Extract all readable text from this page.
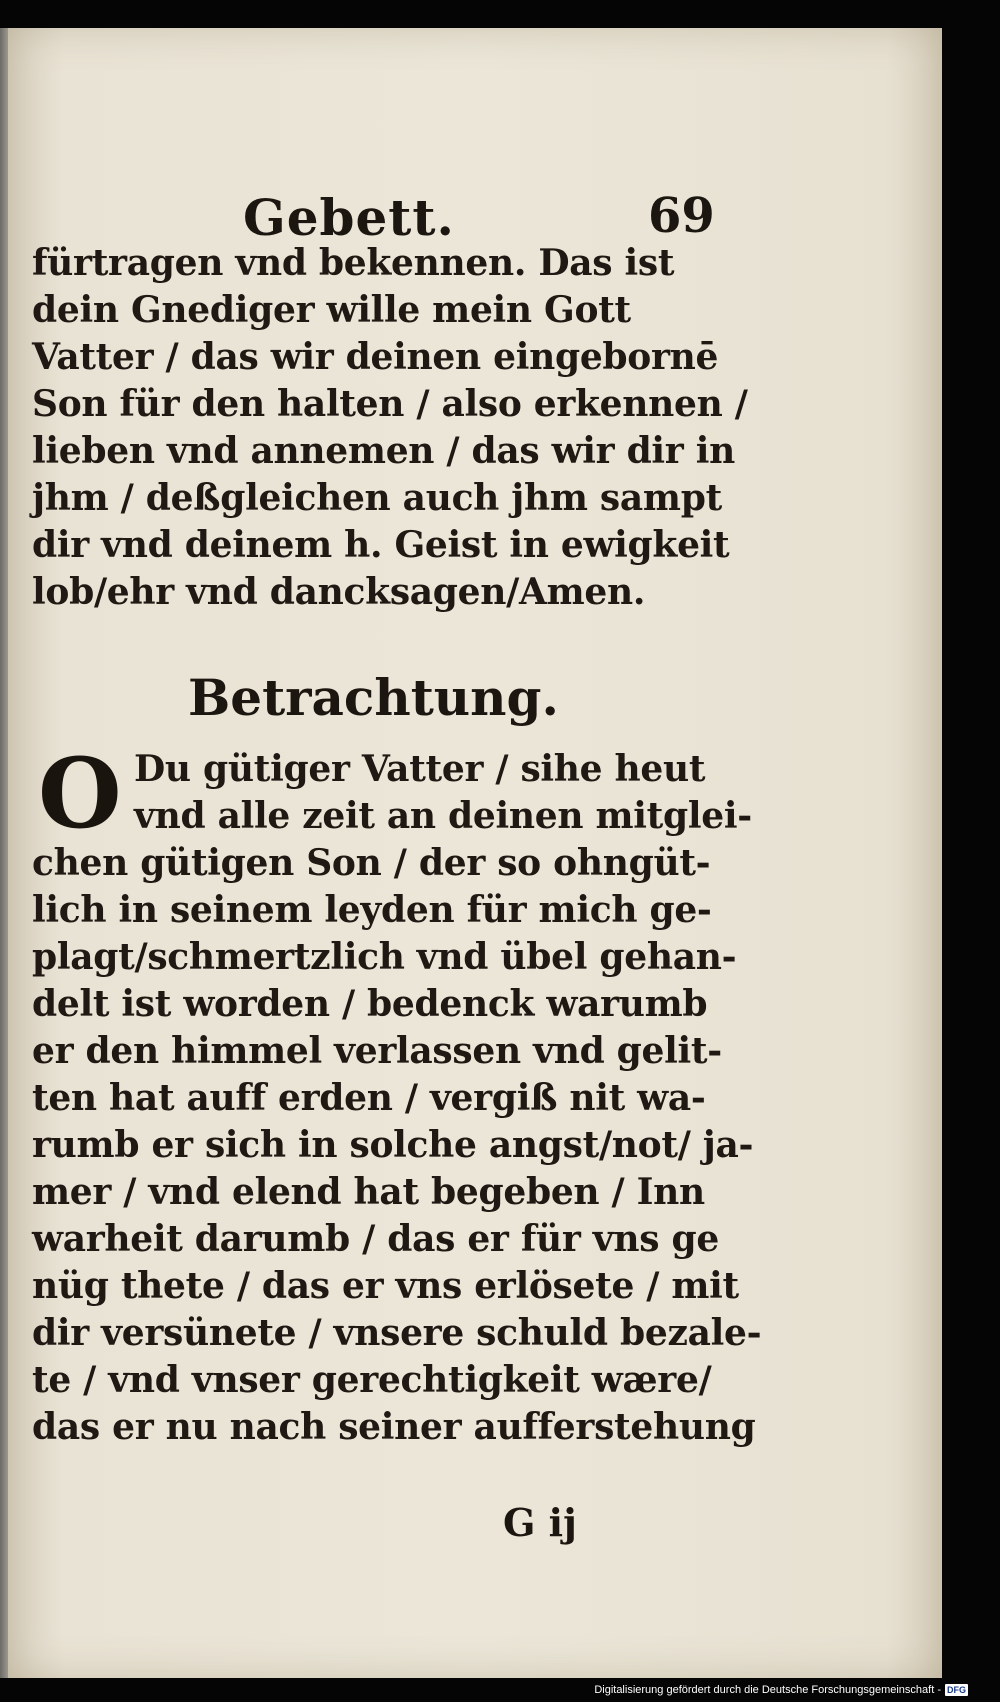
Gebett.	69
fürtragen vnd bekennen. Das ist
dein Gnediger wille mein Gott
Vatter / das wir deinen eingebornē
Son für den halten / also erkennen /
lieben vnd annemen / das wir dir in
jhm / deßgleichen auch jhm sampt
dir vnd deinem h. Geist in ewigkeit
lob/ehr vnd dancksagen/Amen.
Betrachtung.
O Du gütiger Vatter / sihe heut
vnd alle zeit an deinen mitglei-
chen gütigen Son / der so ohngüt-
lich in seinem leyden für mich ge-
plagt/schmertzlich vnd übel gehan-
delt ist worden / bedenck warumb
er den himmel verlassen vnd gelit-
ten hat auff erden / vergiß nit wa-
rumb er sich in solche angst/not/ ja-
mer / vnd elend hat begeben / Inn
warheit darumb / das er für vns ge
nüg thete / das er vns erlösete / mit
dir versünete / vnsere schuld bezale-
te / vnd vnser gerechtigkeit wære/
das er nu nach seiner aufferstehung
G ij
Digitalisierung gefördert durch die Deutsche Forschungsgemeinschaft - DFG
